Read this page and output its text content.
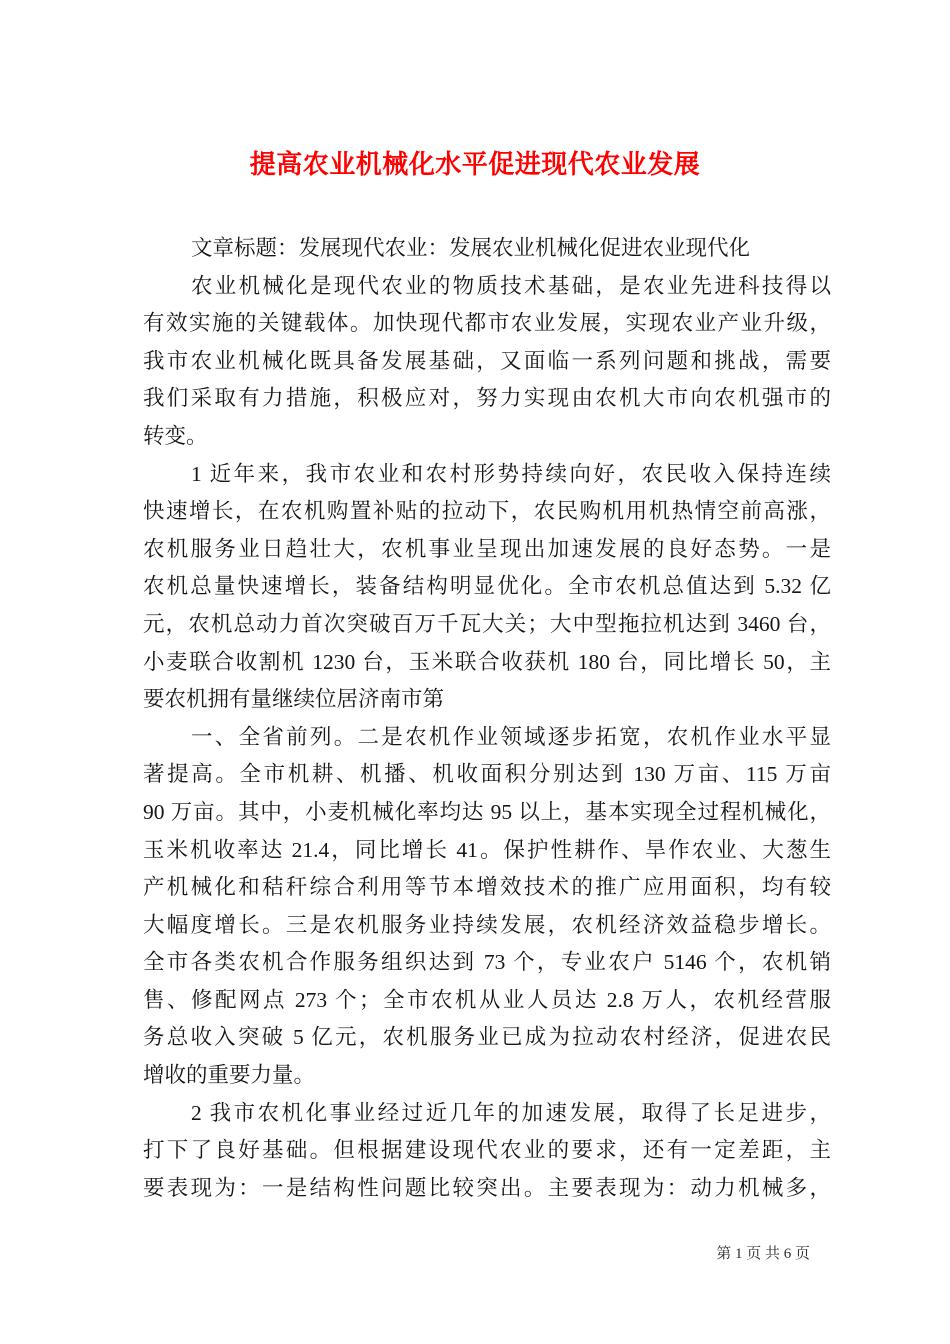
提高农业机械化水平促进现代农业发展
文章标题：发展现代农业：发展农业机械化促进农业现代化
农业机械化是现代农业的物质技术基础，是农业先进科技得以
有效实施的关键载体。加快现代都市农业发展，实现农业产业升级，
我市农业机械化既具备发展基础，又面临一系列问题和挑战，需要
我们采取有力措施，积极应对，努力实现由农机大市向农机强市的
转变。
1 近年来，我市农业和农村形势持续向好，农民收入保持连续
快速增长，在农机购置补贴的拉动下，农民购机用机热情空前高涨，
农机服务业日趋壮大，农机事业呈现出加速发展的良好态势。一是
农机总量快速增长，装备结构明显优化。全市农机总值达到 5.32 亿
元，农机总动力首次突破百万千瓦大关；大中型拖拉机达到 3460 台，
小麦联合收割机 1230 台，玉米联合收获机 180 台，同比增长 50，主
要农机拥有量继续位居济南市第
一、全省前列。二是农机作业领域逐步拓宽，农机作业水平显
著提高。全市机耕、机播、机收面积分别达到 130 万亩、115 万亩
90 万亩。其中，小麦机械化率均达 95 以上，基本实现全过程机械化，
玉米机收率达 21.4，同比增长 41。保护性耕作、旱作农业、大葱生
产机械化和秸秆综合利用等节本增效技术的推广应用面积，均有较
大幅度增长。三是农机服务业持续发展，农机经济效益稳步增长。
全市各类农机合作服务组织达到 73 个，专业农户 5146 个，农机销
售、修配网点 273 个；全市农机从业人员达 2.8 万人，农机经营服
务总收入突破 5 亿元，农机服务业已成为拉动农村经济，促进农民
增收的重要力量。
2 我市农机化事业经过近几年的加速发展，取得了长足进步，
打下了良好基础。但根据建设现代农业的要求，还有一定差距，主
要表现为：一是结构性问题比较突出。主要表现为：动力机械多，
第 1 页 共 6 页
